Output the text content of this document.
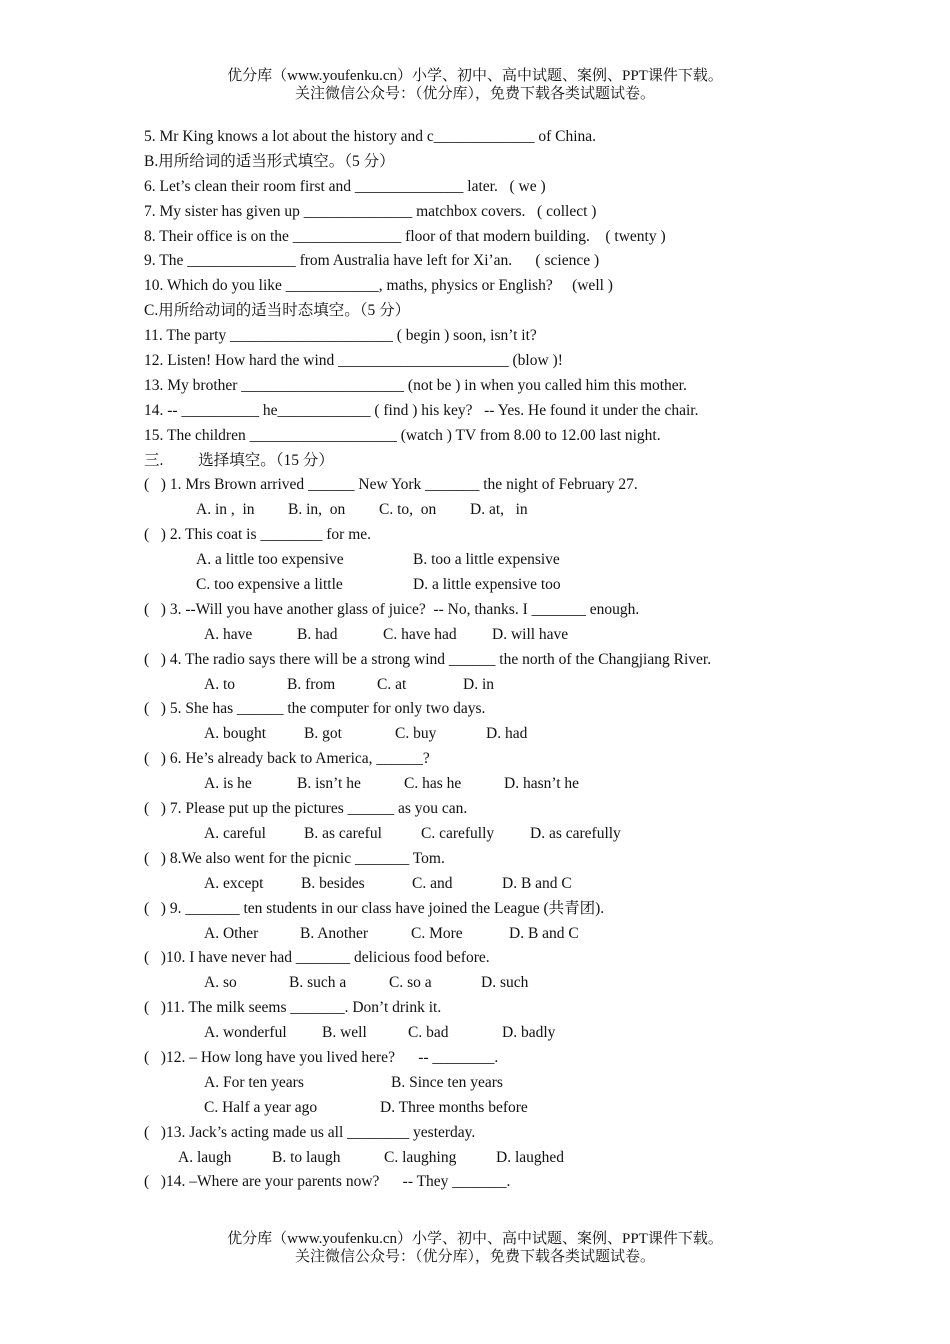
优分库（www.youfenku.cn）小学、初中、高中试题、案例、PPT课件下载。
关注微信公众号：（优分库），免费下载各类试题试卷。
5. Mr King knows a lot about the history and c_____________ of China.
B.用所给词的适当形式填空。（5 分）
6. Let’s clean their room first and ______________ later.   ( we )
7. My sister has given up ______________ matchbox covers.   ( collect )
8. Their office is on the ______________ floor of that modern building.    ( twenty )
9. The ______________ from Australia have left for Xi’an.      ( science )
10. Which do you like ____________, maths, physics or English?     (well )
C.用所给动词的适当时态填空。（5 分）
11. The party _____________________ ( begin ) soon, isn’t it?
12. Listen! How hard the wind ______________________ (blow )!
13. My brother _____________________ (not be ) in when you called him this mother.
14. -- __________ he____________ ( find ) his key?   -- Yes. He found it under the chair.
15. The children ___________________ (watch ) TV from 8.00 to 12.00 last night.
三.         选择填空。（15 分）
(   ) 1. Mrs Brown arrived ______ New York _______ the night of February 27.
A. in ,  in B. in,  on C. to,  on D. at,   in
(   ) 2. This coat is ________ for me.
A. a little too expensive	B. too a little expensive
C. too expensive a little	D. a little expensive too
(   ) 3. --Will you have another glass of juice?  -- No, thanks. I _______ enough.
A. have	B. had	C. have had D. will have
(   ) 4. The radio says there will be a strong wind ______ the north of the Changjiang River.
A. to	B. from	C. at	D. in
(   ) 5. She has ______ the computer for only two days.
A. bought B. got	C. buy	D. had
(   ) 6. He’s already back to America, ______?
A. is he	B. isn’t he	C. has he	D. hasn’t he
(   ) 7. Please put up the pictures ______ as you can.
A. careful B. as careful	C. carefully D. as carefully
(   ) 8.We also went for the picnic _______ Tom.
A. except B. besides	C. and	D. B and C
(   ) 9. _______ ten students in our class have joined the League (共青团).
A. Other	B. Another	C. More	D. B and C
(   )10. I have never had _______ delicious food before.
A. so	B. such a	C. so a	D. such
(   )11. The milk seems _______. Don’t drink it.
A. wonderful B. well	C. bad	D. badly
(   )12. – How long have you lived here?      -- ________.
A. For ten years	B. Since ten years
C. Half a year ago	D. Three months before
(   )13. Jack’s acting made us all ________ yesterday.
A. laugh	B. to laugh	C. laughing	D. laughed
(   )14. –Where are your parents now?      -- They _______.
优分库（www.youfenku.cn）小学、初中、高中试题、案例、PPT课件下载。
关注微信公众号：（优分库），免费下载各类试题试卷。
